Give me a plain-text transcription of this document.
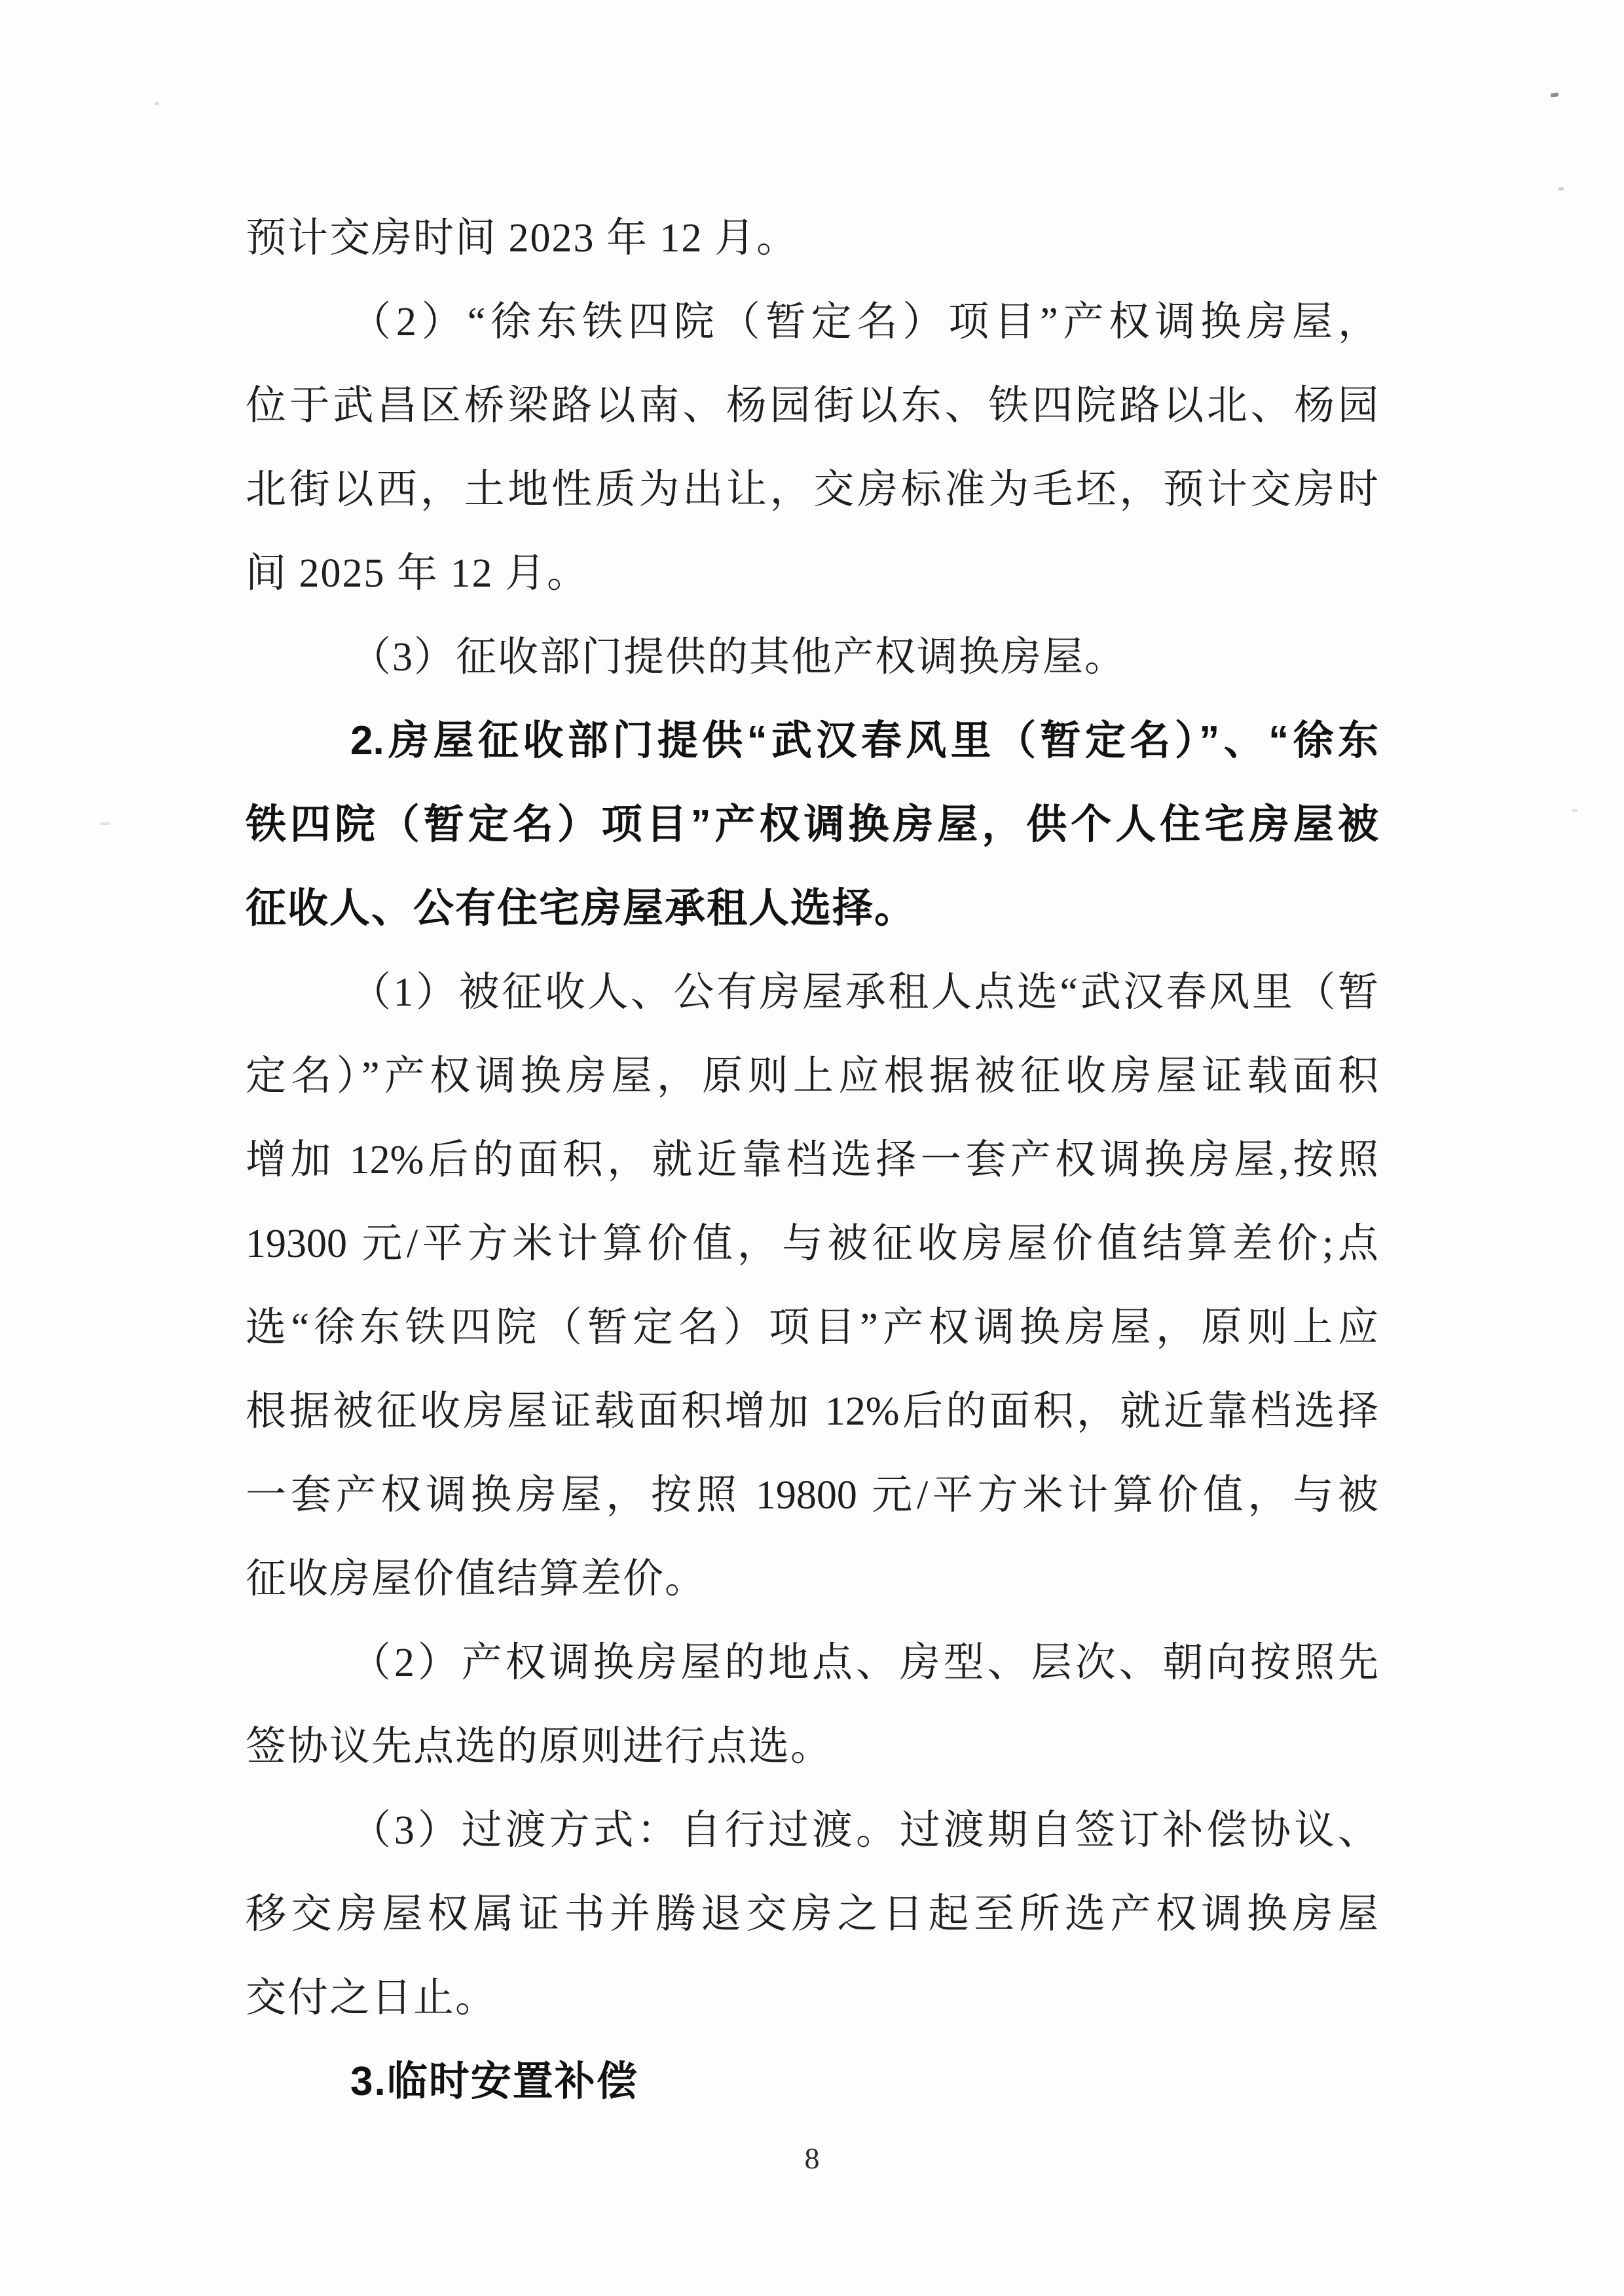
预计交房时间 2023 年 12 月。
（2）“徐东铁四院（暂定名）项目”产权调换房屋，
位于武昌区桥梁路以南、杨园街以东、铁四院路以北、杨园
北街以西，土地性质为出让，交房标准为毛坯，预计交房时
间 2025 年 12 月。
（3）征收部门提供的其他产权调换房屋。
2.房屋征收部门提供“武汉春风里（暂定名）”、“徐东
铁四院（暂定名）项目”产权调换房屋，供个人住宅房屋被
征收人、公有住宅房屋承租人选择。
（1）被征收人、公有房屋承租人点选“武汉春风里（暂
定名）”产权调换房屋，原则上应根据被征收房屋证载面积
增加 12%后的面积，就近靠档选择一套产权调换房屋,按照
19300 元/平方米计算价值，与被征收房屋价值结算差价;点
选“徐东铁四院（暂定名）项目”产权调换房屋，原则上应
根据被征收房屋证载面积增加 12%后的面积，就近靠档选择
一套产权调换房屋，按照 19800 元/平方米计算价值，与被
征收房屋价值结算差价。
（2）产权调换房屋的地点、房型、层次、朝向按照先
签协议先点选的原则进行点选。
（3）过渡方式：自行过渡。过渡期自签订补偿协议、
移交房屋权属证书并腾退交房之日起至所选产权调换房屋
交付之日止。
3.临时安置补偿
8
